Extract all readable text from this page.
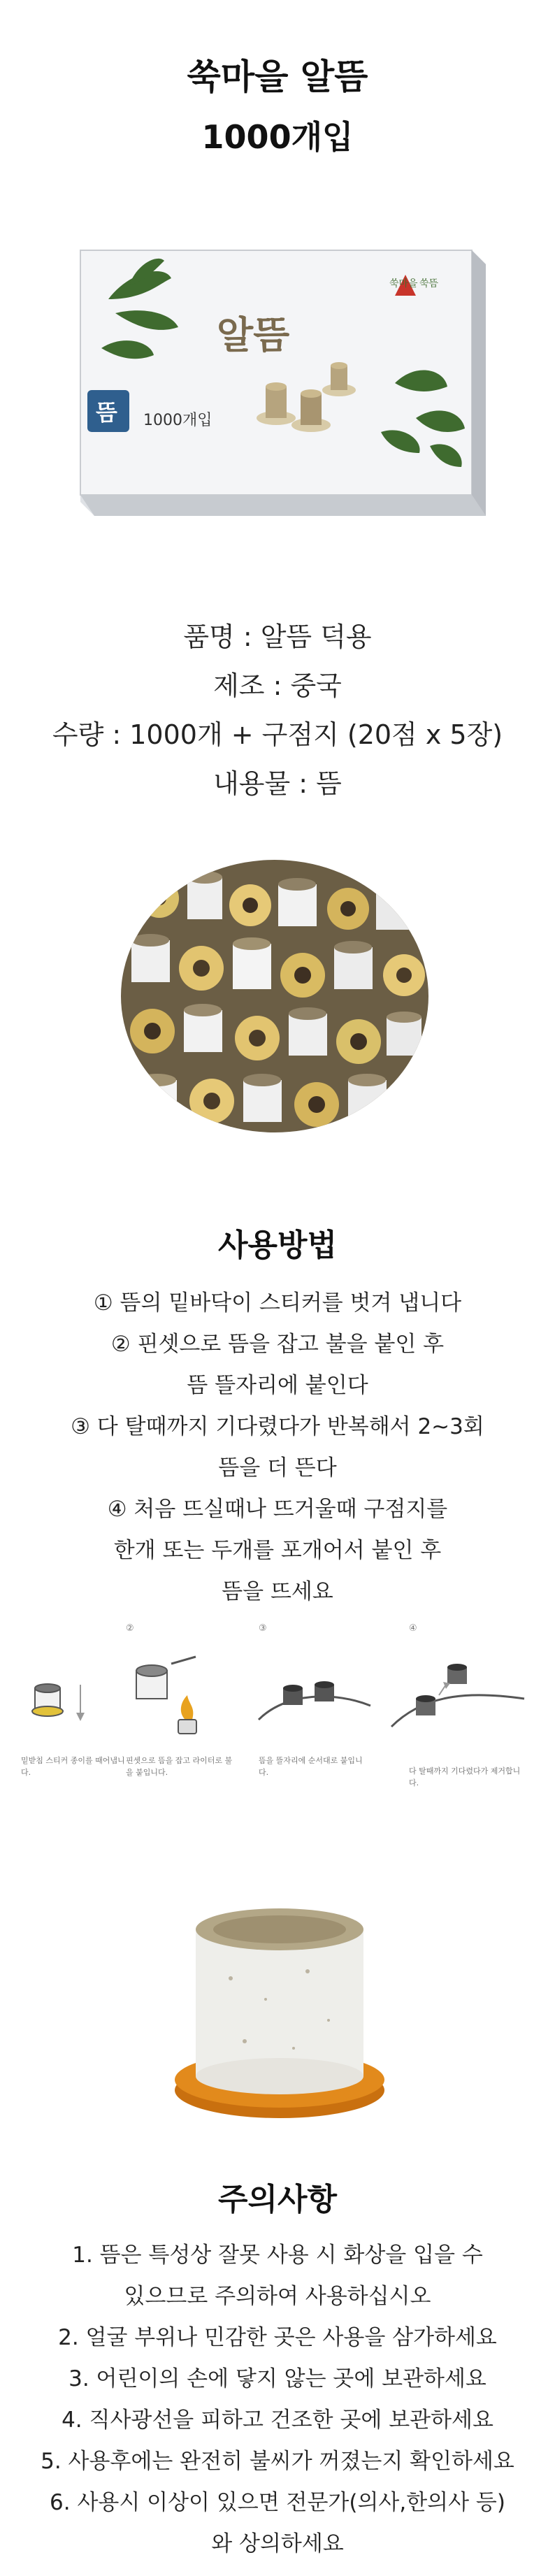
쑥마을 알뜸
1000개입
쑥마을 쑥뜸
알뜸
뜸 1000개입
품명 : 알뜸 덕용
제조 : 중국
수량 : 1000개 + 구점지 (20점 x 5장)
내용물 : 뜸
사용방법
① 뜸의 밑바닥이 스티커를 벗겨 냅니다
② 핀셋으로 뜸을 잡고 불을 붙인 후
뜸 뜰자리에 붙인다
③ 다 탈때까지 기다렸다가 반복해서 2~3회
뜸을 더 뜬다
④ 처음 뜨실때나 뜨거울때 구점지를
한개 또는 두개를 포개어서 붙인 후
뜸을 뜨세요
②	③	④
밑받침 스티커 종이를 때어냅니다.
핀셋으로 뜸을 잡고 라이터로 불을 붙입니다.
뜸을 뜰자리에 순서대로 붙입니다.	다 탈때까지 기다렸다가 제거합니다.
주의사항
1. 뜸은 특성상 잘못 사용 시 화상을 입을 수
있으므로 주의하여 사용하십시오
2. 얼굴 부위나 민감한 곳은 사용을 삼가하세요
3. 어린이의 손에 닿지 않는 곳에 보관하세요
4. 직사광선을 피하고 건조한 곳에 보관하세요
5. 사용후에는 완전히 불씨가 꺼졌는지 확인하세요
6. 사용시 이상이 있으면 전문가(의사,한의사 등)
와 상의하세요
